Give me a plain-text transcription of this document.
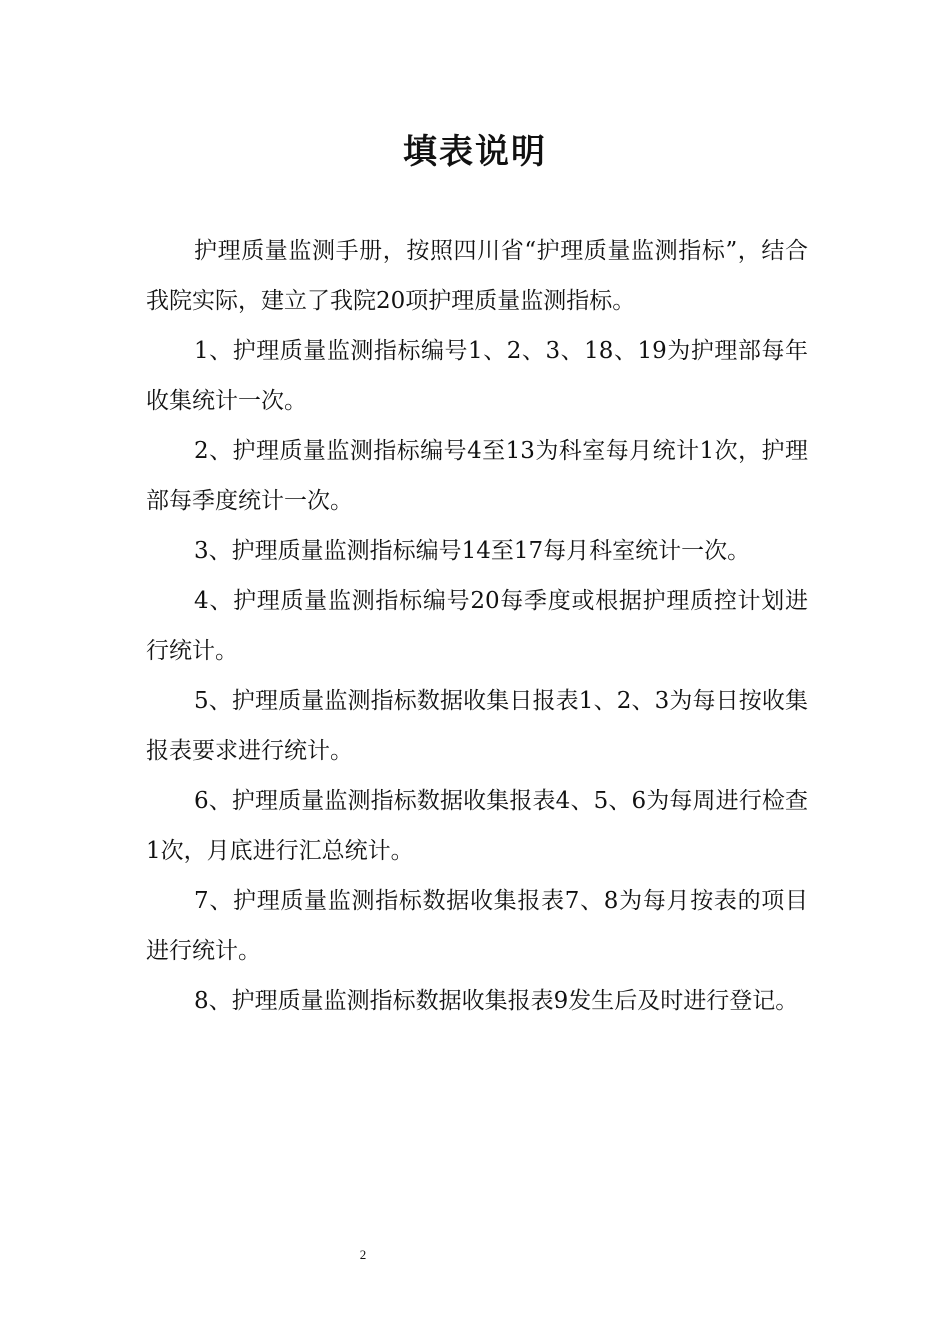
填表说明

护理质量监测手册，按照四川省“护理质量监测指标”，结合我院实际，建立了我院20项护理质量监测指标。

1、护理质量监测指标编号1、2、3、18、19为护理部每年收集统计一次。

2、护理质量监测指标编号4至13为科室每月统计1次，护理部每季度统计一次。

3、护理质量监测指标编号14至17每月科室统计一次。

4、护理质量监测指标编号20每季度或根据护理质控计划进行统计。

5、护理质量监测指标数据收集日报表1、2、3为每日按收集报表要求进行统计。

6、护理质量监测指标数据收集报表4、5、6为每周进行检查1次，月底进行汇总统计。

7、护理质量监测指标数据收集报表7、8为每月按表的项目进行统计。

8、护理质量监测指标数据收集报表9发生后及时进行登记。

2
